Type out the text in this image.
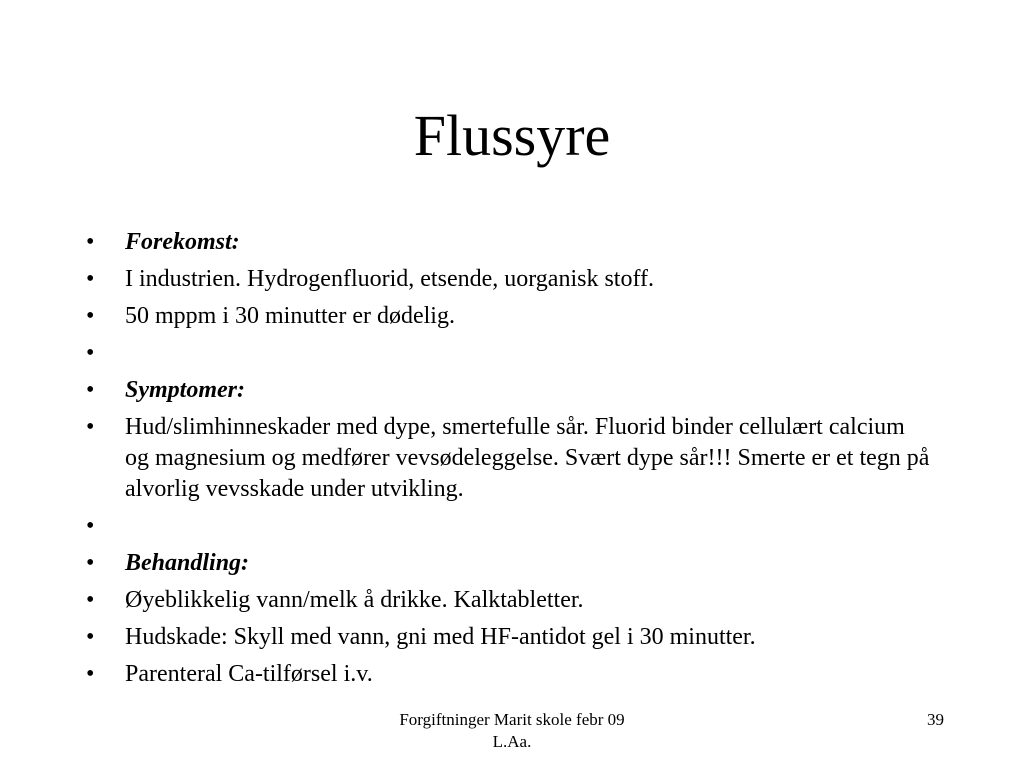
Flussyre
•	Forekomst:
•	I industrien. Hydrogenfluorid, etsende, uorganisk stoff.
•	50 mppm i 30 minutter er dødelig.
•

•	Symptomer:
•	Hud/slimhinneskader med dype, smertefulle sår. Fluorid binder cellulært calcium og magnesium og medfører vevsødeleggelse. Svært dype sår!!! Smerte er et tegn på alvorlig vevsskade under utvikling.
•

•	Behandling:
•	Øyeblikkelig vann/melk å drikke. Kalktabletter.
•	Hudskade: Skyll med vann, gni med HF-antidot gel i 30 minutter.
•	Parenteral Ca-tilførsel i.v.
Forgiftninger Marit skole febr 09
L.Aa.
39
